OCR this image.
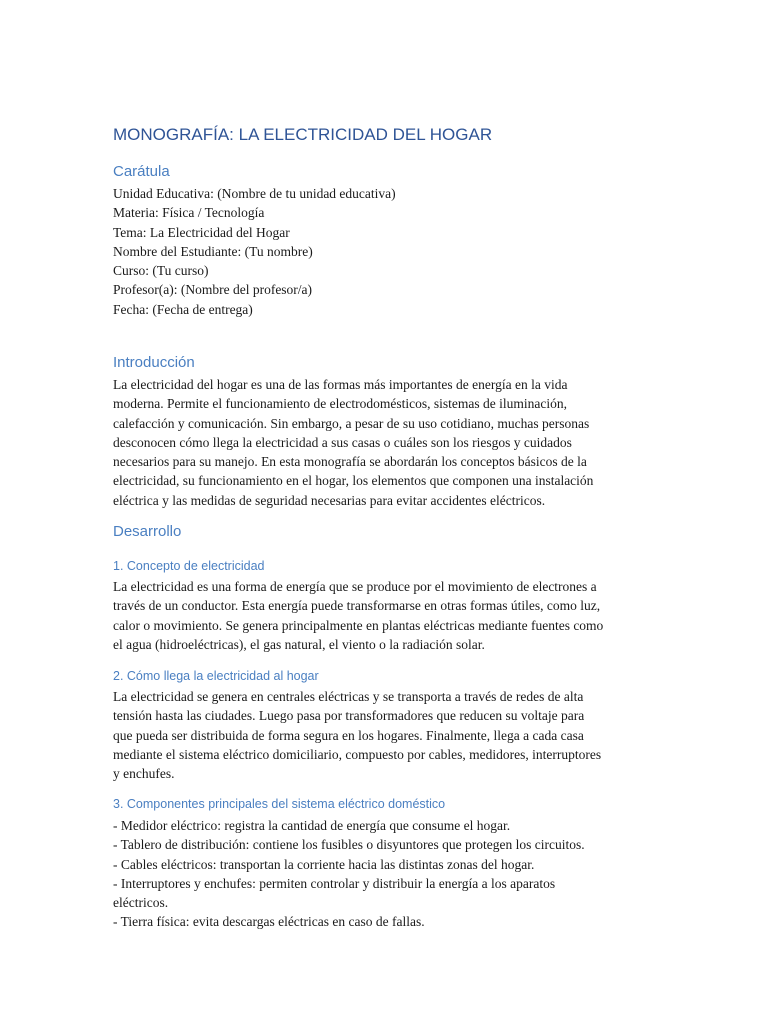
MONOGRAFÍA: LA ELECTRICIDAD DEL HOGAR
Carátula
Unidad Educativa: (Nombre de tu unidad educativa)
Materia: Física / Tecnología
Tema: La Electricidad del Hogar
Nombre del Estudiante: (Tu nombre)
Curso: (Tu curso)
Profesor(a): (Nombre del profesor/a)
Fecha: (Fecha de entrega)
Introducción
La electricidad del hogar es una de las formas más importantes de energía en la vida
moderna. Permite el funcionamiento de electrodomésticos, sistemas de iluminación,
calefacción y comunicación. Sin embargo, a pesar de su uso cotidiano, muchas personas
desconocen cómo llega la electricidad a sus casas o cuáles son los riesgos y cuidados
necesarios para su manejo. En esta monografía se abordarán los conceptos básicos de la
electricidad, su funcionamiento en el hogar, los elementos que componen una instalación
eléctrica y las medidas de seguridad necesarias para evitar accidentes eléctricos.
Desarrollo
1. Concepto de electricidad
La electricidad es una forma de energía que se produce por el movimiento de electrones a
través de un conductor. Esta energía puede transformarse en otras formas útiles, como luz,
calor o movimiento. Se genera principalmente en plantas eléctricas mediante fuentes como
el agua (hidroeléctricas), el gas natural, el viento o la radiación solar.
2. Cómo llega la electricidad al hogar
La electricidad se genera en centrales eléctricas y se transporta a través de redes de alta
tensión hasta las ciudades. Luego pasa por transformadores que reducen su voltaje para
que pueda ser distribuida de forma segura en los hogares. Finalmente, llega a cada casa
mediante el sistema eléctrico domiciliario, compuesto por cables, medidores, interruptores
y enchufes.
3. Componentes principales del sistema eléctrico doméstico
- Medidor eléctrico: registra la cantidad de energía que consume el hogar.
- Tablero de distribución: contiene los fusibles o disyuntores que protegen los circuitos.
- Cables eléctricos: transportan la corriente hacia las distintas zonas del hogar.
- Interruptores y enchufes: permiten controlar y distribuir la energía a los aparatos
eléctricos.
- Tierra física: evita descargas eléctricas en caso de fallas.
